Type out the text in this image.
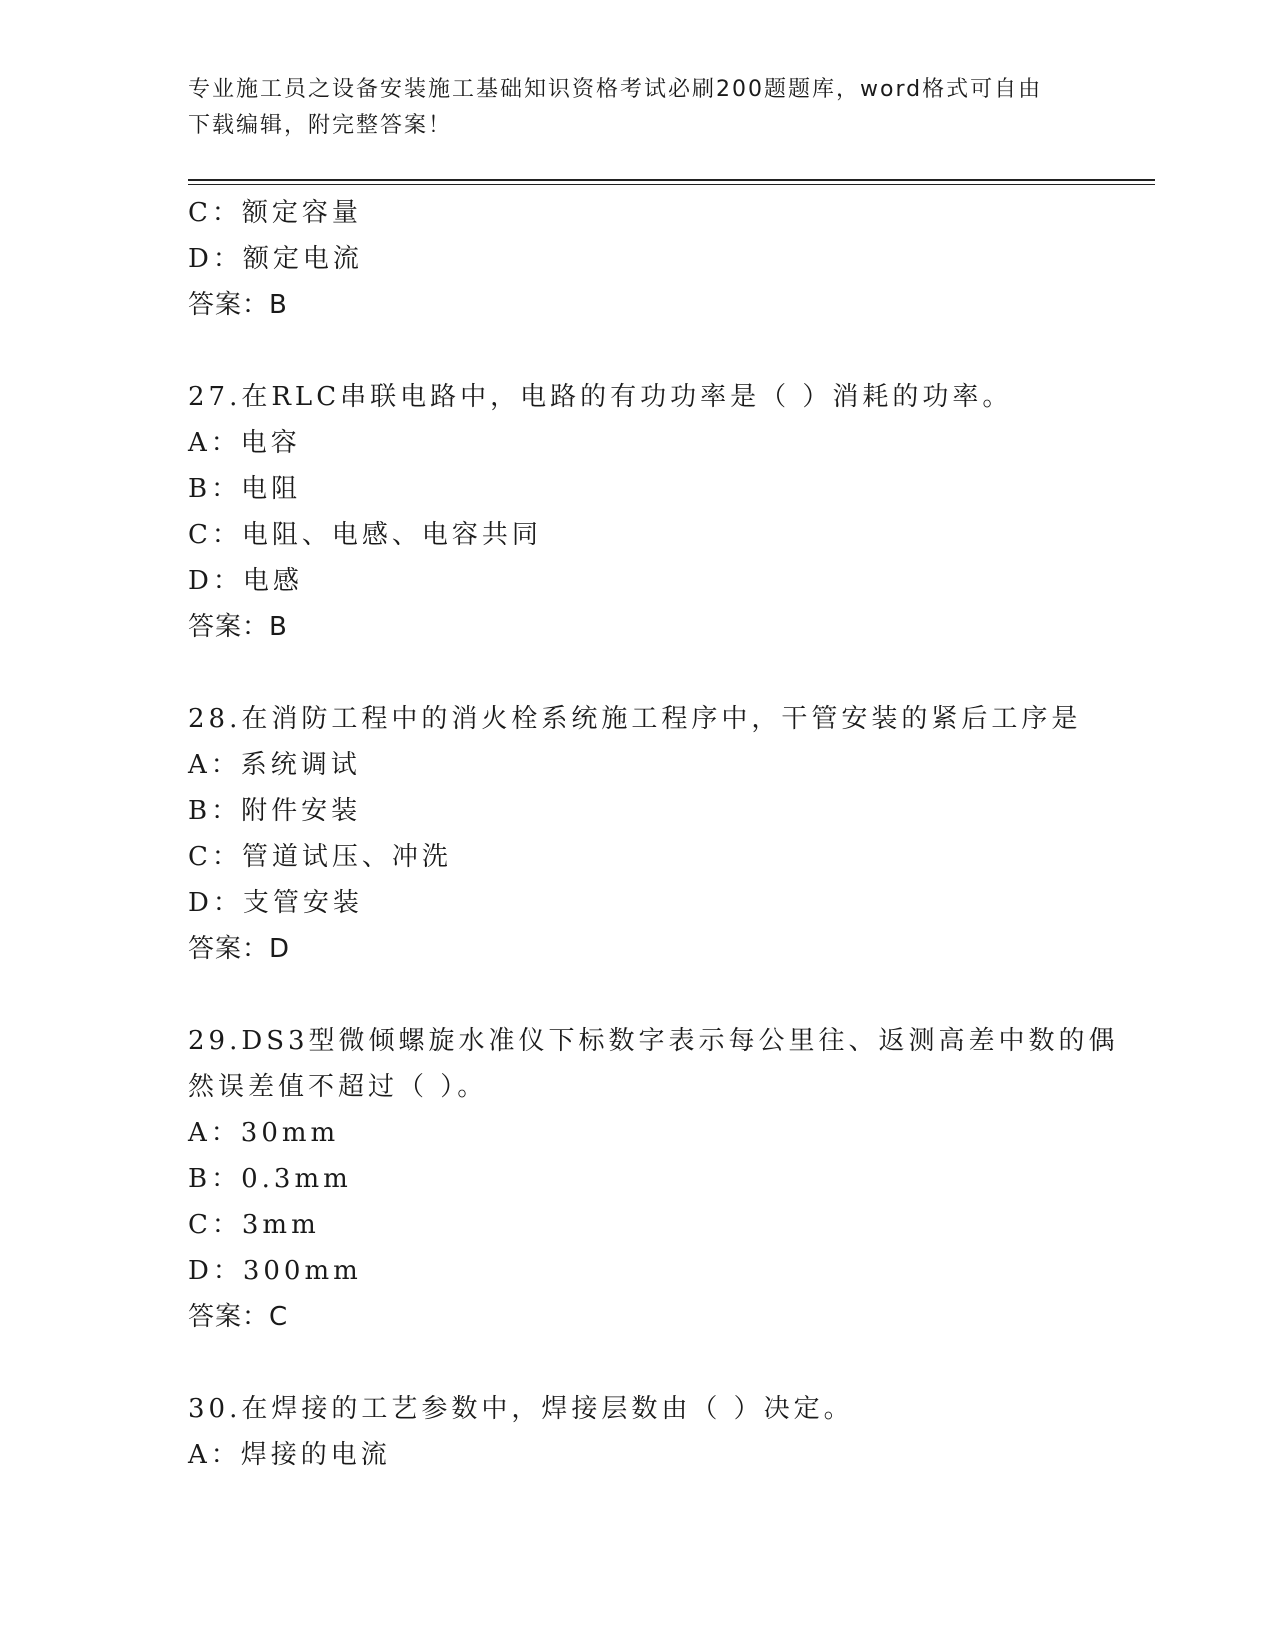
专业施工员之设备安装施工基础知识资格考试必刷200题题库，word格式可自由
下载编辑，附完整答案！
C：额定容量
D：额定电流
答案：B
27.在RLC串联电路中，电路的有功功率是（ ）消耗的功率。
A：电容
B：电阻
C：电阻、电感、电容共同
D：电感
答案：B
28.在消防工程中的消火栓系统施工程序中，干管安装的紧后工序是
A：系统调试
B：附件安装
C：管道试压、冲洗
D：支管安装
答案：D
29.DS3型微倾螺旋水准仪下标数字表示每公里往、返测高差中数的偶
然误差值不超过（ ）。
A：30mm
B：0.3mm
C：3mm
D：300mm
答案：C
30.在焊接的工艺参数中，焊接层数由（ ）决定。
A：焊接的电流
